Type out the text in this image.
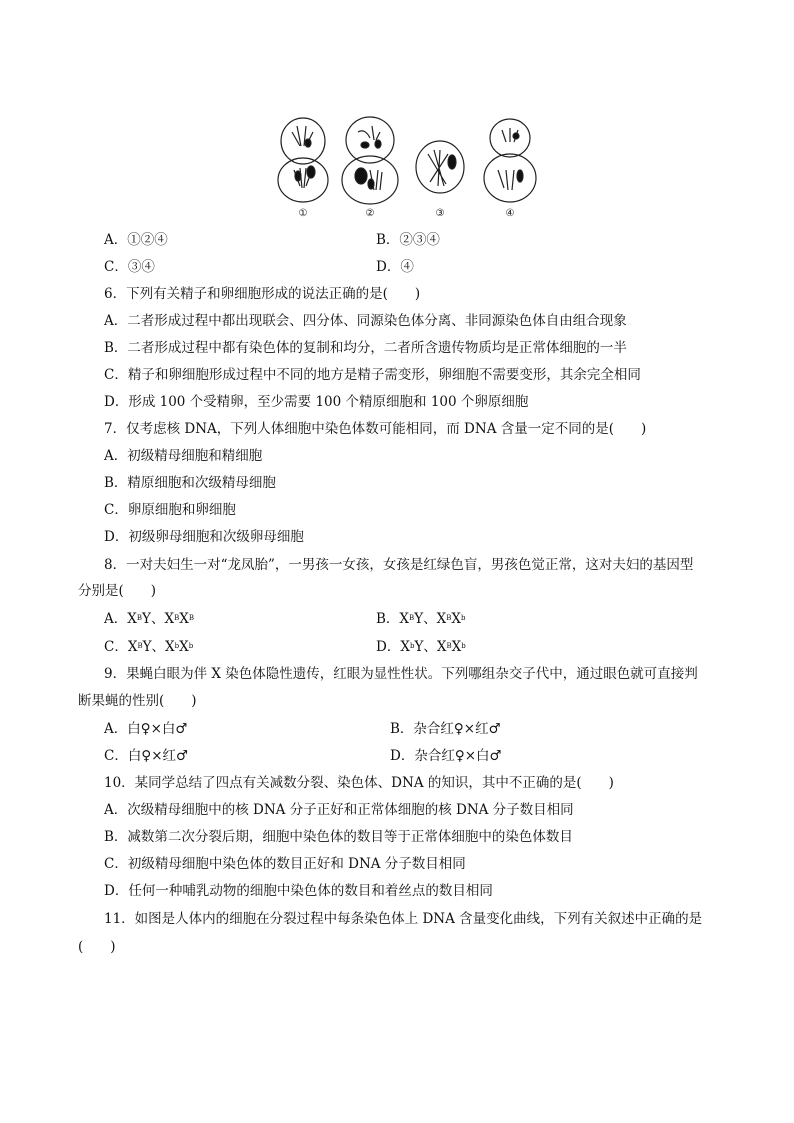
①	②	③	④
A．①②④	B．②③④
C．③④	D．④
6．下列有关精子和卵细胞形成的说法正确的是(　　)
A．二者形成过程中都出现联会、四分体、同源染色体分离、非同源染色体自由组合现象
B．二者形成过程中都有染色体的复制和均分，二者所含遗传物质均是正常体细胞的一半
C．精子和卵细胞形成过程中不同的地方是精子需变形，卵细胞不需要变形，其余完全相同
D．形成 100 个受精卵，至少需要 100 个精原细胞和 100 个卵原细胞
7．仅考虑核 DNA，下列人体细胞中染色体数可能相同，而 DNA 含量一定不同的是(　　)
A．初级精母细胞和精细胞
B．精原细胞和次级精母细胞
C．卵原细胞和卵细胞
D．初级卵母细胞和次级卵母细胞
8．一对夫妇生一对“龙凤胎”，一男孩一女孩，女孩是红绿色盲，男孩色觉正常，这对夫妇的基因型
分别是(　　)
A．$X^BY$、$X^BX^B$	B．$X^BY$、$X^BX^b$
C．$X^BY$、$X^bX^b$	D．$X^bY$、$X^BX^b$
9．果蝇白眼为伴 X 染色体隐性遗传，红眼为显性性状。下列哪组杂交子代中，通过眼色就可直接判
断果蝇的性别(　　)
A．白♀×白♂	B．杂合红♀×红♂
C．白♀×红♂	D．杂合红♀×白♂
10．某同学总结了四点有关减数分裂、染色体、DNA 的知识，其中不正确的是(　　)
A．次级精母细胞中的核 DNA 分子正好和正常体细胞的核 DNA 分子数目相同
B．减数第二次分裂后期，细胞中染色体的数目等于正常体细胞中的染色体数目
C．初级精母细胞中染色体的数目正好和 DNA 分子数目相同
D．任何一种哺乳动物的细胞中染色体的数目和着丝点的数目相同
11．如图是人体内的细胞在分裂过程中每条染色体上 DNA 含量变化曲线，下列有关叙述中正确的是
(　　)
